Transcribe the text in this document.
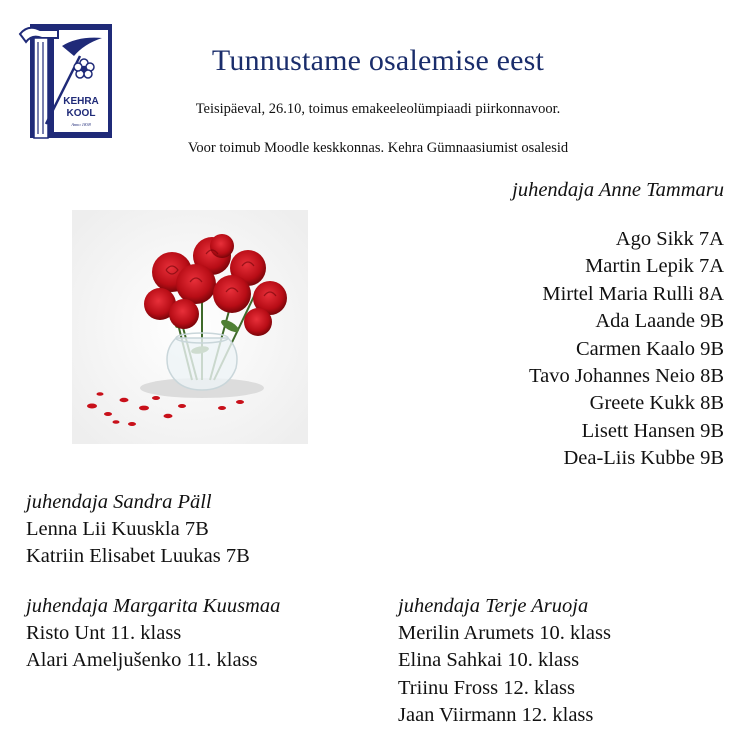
KEHRA
KOOL
Anno 1838
Tunnustame osalemise eest
Teisipäeval, 26.10, toimus emakeeleolümpiaadi piirkonnavoor.
Voor toimub Moodle keskkonnas. Kehra Gümnaasiumist osalesid
juhendaja Anne Tammaru
Ago Sikk 7A
Martin Lepik 7A
Mirtel Maria Rulli 8A
Ada Laande 9B
Carmen Kaalo 9B
Tavo Johannes Neio 8B
Greete Kukk 8B
Lisett Hansen 9B
Dea-Liis Kubbe 9B
juhendaja Sandra Päll
Lenna Lii Kuuskla 7B
Katriin Elisabet Luukas 7B
juhendaja Margarita Kuusmaa
Risto Unt 11. klass
Alari Ameljušenko 11. klass
juhendaja Terje Aruoja
Merilin Arumets 10. klass
Elina Sahkai 10. klass
Triinu Fross 12. klass
Jaan Viirmann 12. klass
